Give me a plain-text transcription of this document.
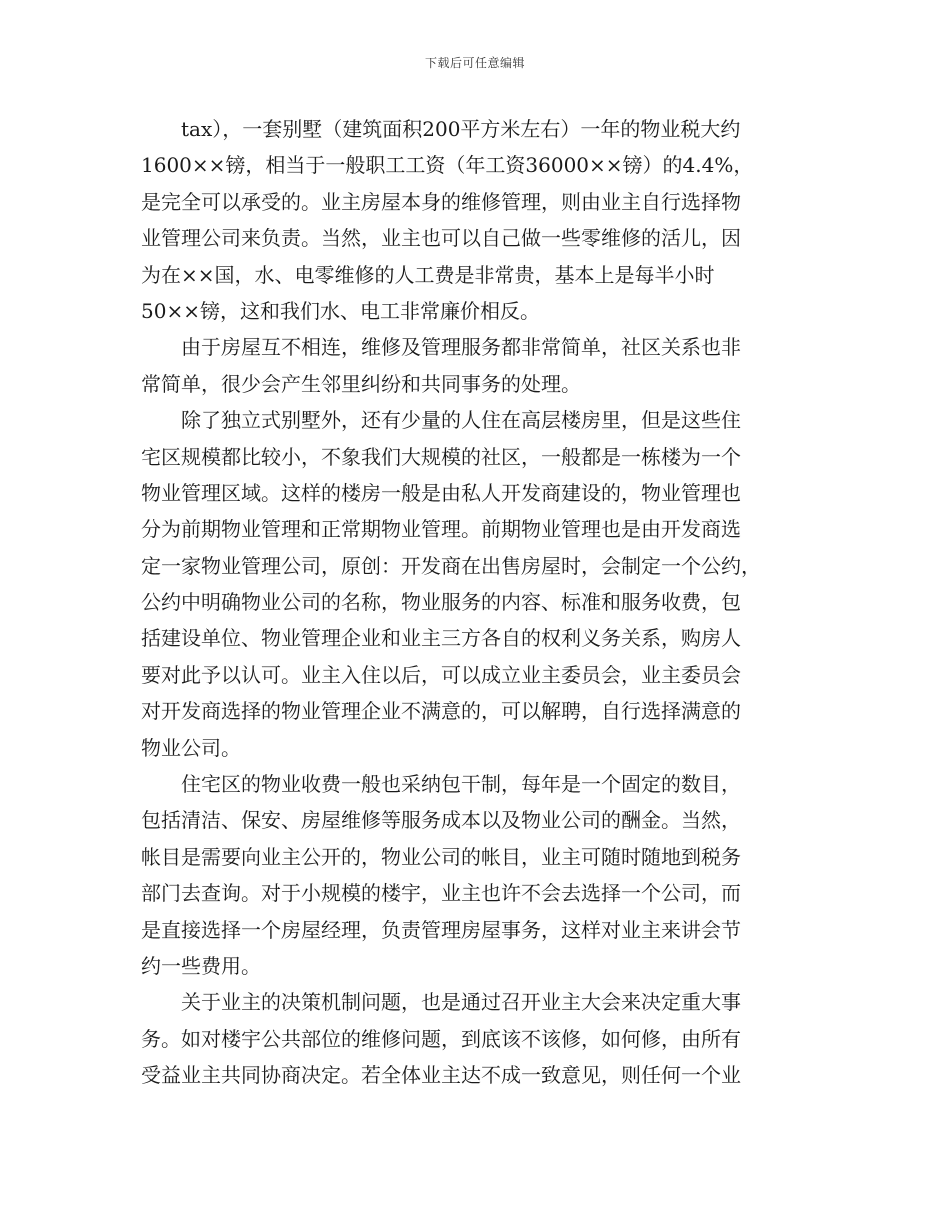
下载后可任意编辑
　　tax），一套别墅（建筑面积200平方米左右）一年的物业税大约
1600××镑，相当于一般职工工资（年工资36000××镑）的4.4%，
是完全可以承受的。业主房屋本身的维修管理，则由业主自行选择物
业管理公司来负责。当然，业主也可以自己做一些零维修的活儿，因
为在××国，水、电零维修的人工费是非常贵，基本上是每半小时
50××镑，这和我们水、电工非常廉价相反。
　　由于房屋互不相连，维修及管理服务都非常简单，社区关系也非
常简单，很少会产生邻里纠纷和共同事务的处理。
　　除了独立式别墅外，还有少量的人住在高层楼房里，但是这些住
宅区规模都比较小，不象我们大规模的社区，一般都是一栋楼为一个
物业管理区域。这样的楼房一般是由私人开发商建设的，物业管理也
分为前期物业管理和正常期物业管理。前期物业管理也是由开发商选
定一家物业管理公司，原创：开发商在出售房屋时，会制定一个公约，
公约中明确物业公司的名称，物业服务的内容、标准和服务收费，包
括建设单位、物业管理企业和业主三方各自的权利义务关系，购房人
要对此予以认可。业主入住以后，可以成立业主委员会，业主委员会
对开发商选择的物业管理企业不满意的，可以解聘，自行选择满意的
物业公司。
　　住宅区的物业收费一般也采纳包干制，每年是一个固定的数目，
包括清洁、保安、房屋维修等服务成本以及物业公司的酬金。当然，
帐目是需要向业主公开的，物业公司的帐目，业主可随时随地到税务
部门去查询。对于小规模的楼宇，业主也许不会去选择一个公司，而
是直接选择一个房屋经理，负责管理房屋事务，这样对业主来讲会节
约一些费用。
　　关于业主的决策机制问题，也是通过召开业主大会来决定重大事
务。如对楼宇公共部位的维修问题，到底该不该修，如何修，由所有
受益业主共同协商决定。若全体业主达不成一致意见，则任何一个业
